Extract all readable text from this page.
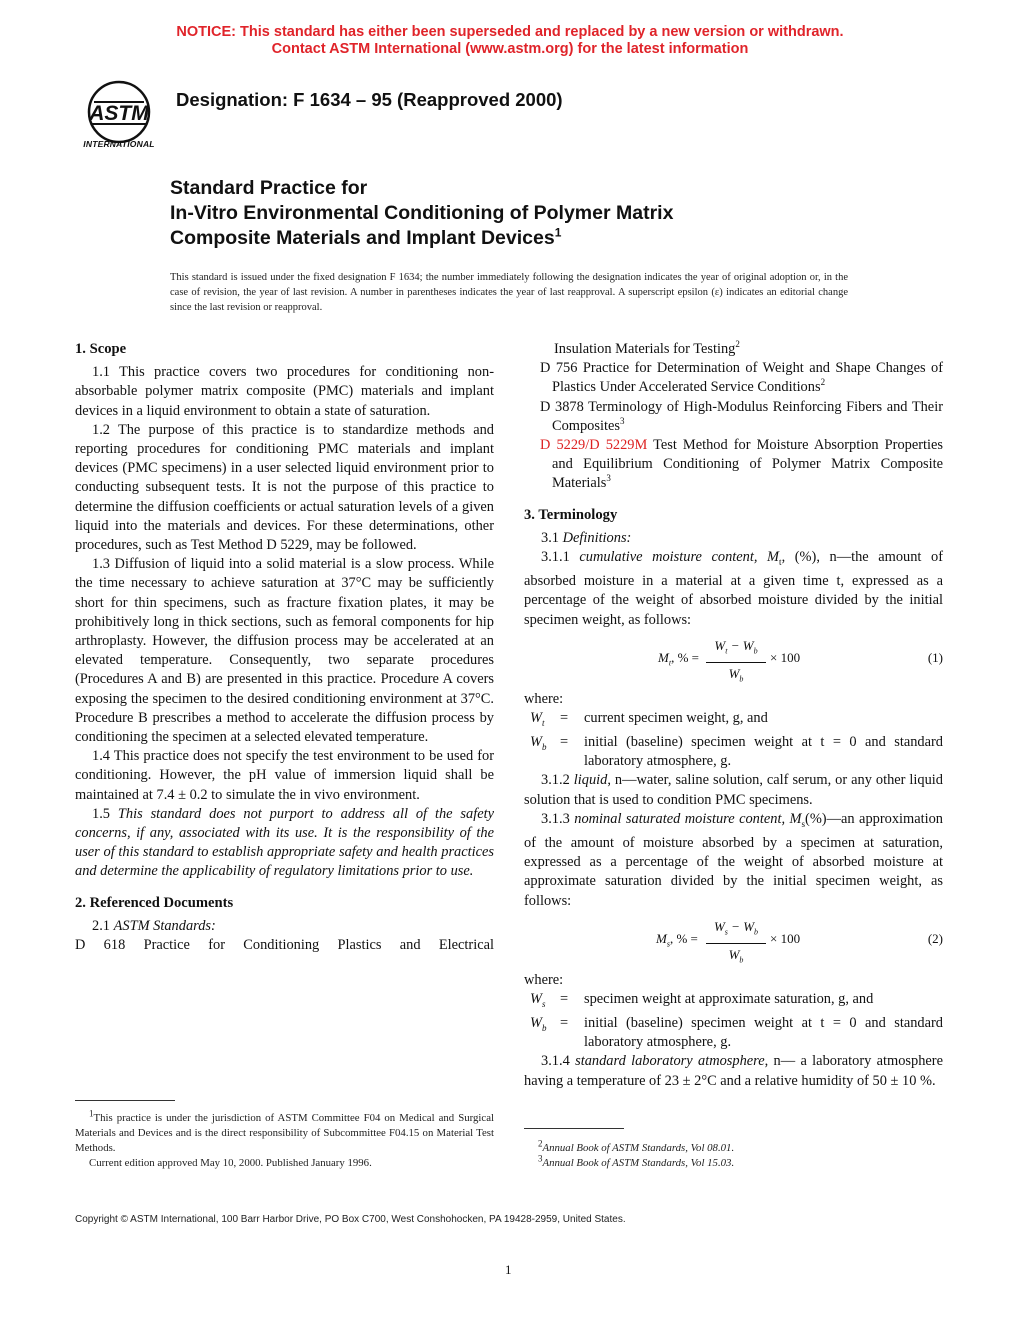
NOTICE: This standard has either been superseded and replaced by a new version or withdrawn.
Contact ASTM International (www.astm.org) for the latest information
ASTM
INTERNATIONAL
Designation: F 1634 – 95 (Reapproved 2000)
Standard Practice for
In-Vitro Environmental Conditioning of Polymer Matrix
Composite Materials and Implant Devices$^1$
This standard is issued under the fixed designation F 1634; the number immediately following the designation indicates the year of original adoption or, in the case of revision, the year of last revision. A number in parentheses indicates the year of last reapproval. A superscript epsilon (ε) indicates an editorial change since the last revision or reapproval.
1. Scope

1.1 This practice covers two procedures for conditioning non-absorbable polymer matrix composite (PMC) materials and implant devices in a liquid environment to obtain a state of saturation.

1.2 The purpose of this practice is to standardize methods and reporting procedures for conditioning PMC materials and implant devices (PMC specimens) in a user selected liquid environment prior to conducting subsequent tests. It is not the purpose of this practice to determine the diffusion coefficients or actual saturation levels of a given liquid into the materials and devices. For these determinations, other procedures, such as Test Method D 5229, may be followed.

1.3 Diffusion of liquid into a solid material is a slow process. While the time necessary to achieve saturation at 37°C may be sufficiently short for thin specimens, such as fracture fixation plates, it may be prohibitively long in thick sections, such as femoral components for hip arthroplasty. However, the diffusion process may be accelerated at an elevated temperature. Consequently, two separate procedures (Procedures A and B) are presented in this practice. Procedure A covers exposing the specimen to the desired conditioning environment at 37°C. Procedure B prescribes a method to accelerate the diffusion process by conditioning the specimen at a selected elevated temperature.

1.4 This practice does not specify the test environment to be used for conditioning. However, the pH value of immersion liquid shall be maintained at 7.4 ± 0.2 to simulate the in vivo environment.

1.5 This standard does not purport to address all of the safety concerns, if any, associated with its use. It is the responsibility of the user of this standard to establish appropriate safety and health practices and determine the applicability of regulatory limitations prior to use.

2. Referenced Documents

2.1 ASTM Standards:

D 618 Practice for Conditioning Plastics and Electrical

$^1$This practice is under the jurisdiction of ASTM Committee F04 on Medical and Surgical Materials and Devices and is the direct responsibility of Subcommittee F04.15 on Material Test Methods.
Current edition approved May 10, 2000. Published January 1996.

Insulation Materials for Testing$^2$

D 756 Practice for Determination of Weight and Shape Changes of Plastics Under Accelerated Service Conditions$^2$

D 3878 Terminology of High-Modulus Reinforcing Fibers and Their Composites$^3$

D 5229/D 5229M Test Method for Moisture Absorption Properties and Equilibrium Conditioning of Polymer Matrix Composite Materials$^3$

3. Terminology

3.1 Definitions:

3.1.1 cumulative moisture content, $M_t$, (%), n—the amount of absorbed moisture in a material at a given time t, expressed as a percentage of the weight of absorbed moisture divided by the initial specimen weight, as follows:

$M_t$, % =
$W_t - W_b$
$W_b$
× 100	(1)

where:

$W_t$	=	current specimen weight, g, and
$W_b$ =	initial (baseline) specimen weight at t = 0 and standard laboratory atmosphere, g.

3.1.2 liquid, n—water, saline solution, calf serum, or any other liquid solution that is used to condition PMC specimens.

3.1.3 nominal saturated moisture content, $M_s(\%)—an$ approximation of the amount of moisture absorbed by a specimen at saturation, expressed as a percentage of the weight of absorbed moisture at approximate saturation divided by the initial specimen weight, as follows:

$M_s$, % =
$W_s - W_b$
$W_b$
× 100	(2)

where:

$W_s$	=	specimen weight at approximate saturation, g, and
$W_b$ =	initial (baseline) specimen weight at t = 0 and standard laboratory atmosphere, g.

3.1.4 standard laboratory atmosphere, n— a laboratory atmosphere having a temperature of 23 ± 2°C and a relative humidity of 50 ± 10 %.

$^2$Annual Book of ASTM Standards, Vol 08.01.
$^3$Annual Book of ASTM Standards, Vol 15.03.
Copyright © ASTM International, 100 Barr Harbor Drive, PO Box C700, West Conshohocken, PA 19428-2959, United States.
1
